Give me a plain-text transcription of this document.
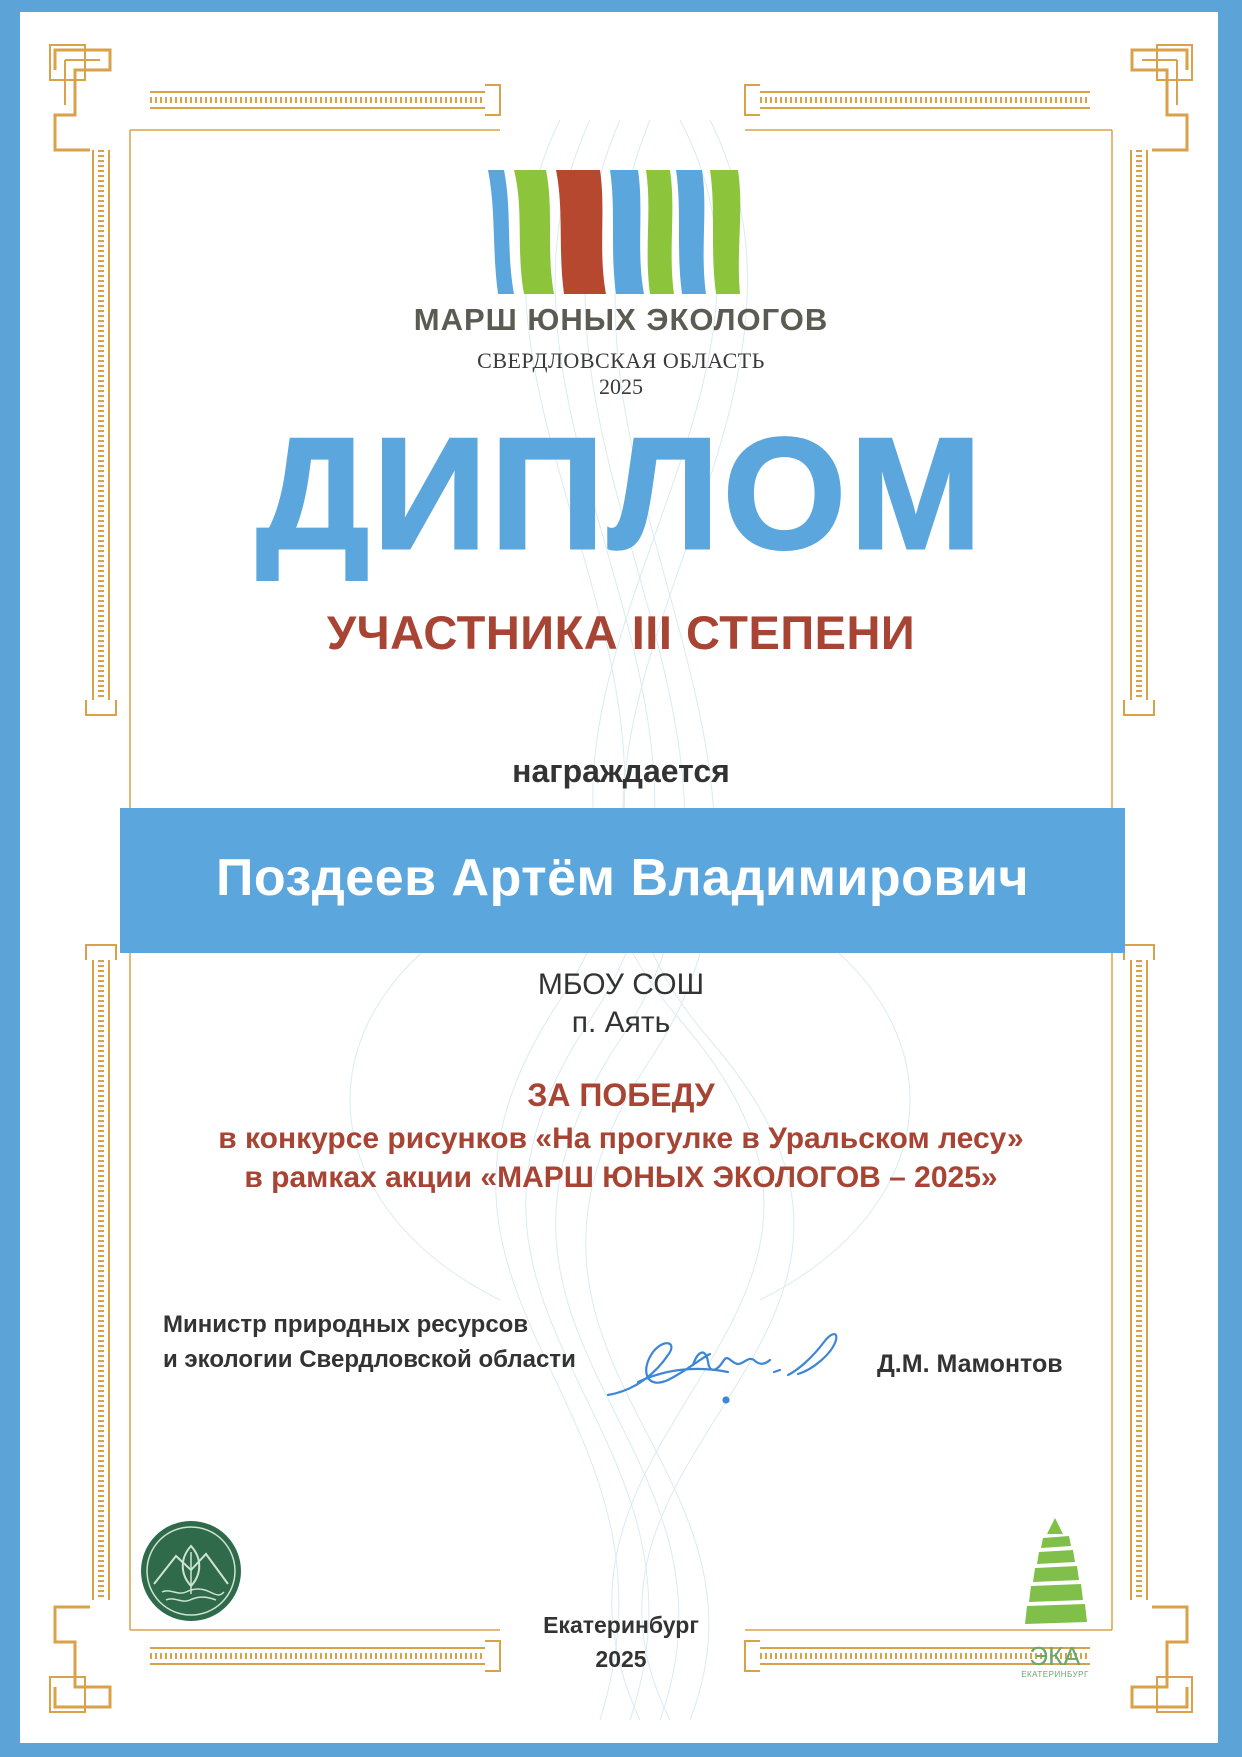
МАРШ ЮНЫХ ЭКОЛОГОВ
СВЕРДЛОВСКАЯ ОБЛАСТЬ
2025
ДИПЛОМ
УЧАСТНИКА III СТЕПЕНИ
награждается
Поздеев Артём Владимирович
МБОУ СОШ
п. Аять
ЗА ПОБЕДУ
в конкурсе рисунков «На прогулке в Уральском лесу»
в рамках акции «МАРШ ЮНЫХ ЭКОЛОГОВ – 2025»
Министр природных ресурсов
и экологии Свердловской области	Д.М. Мамонтов
ЭКА
ЕКАТЕРИНБУРГ
Екатеринбург
2025
